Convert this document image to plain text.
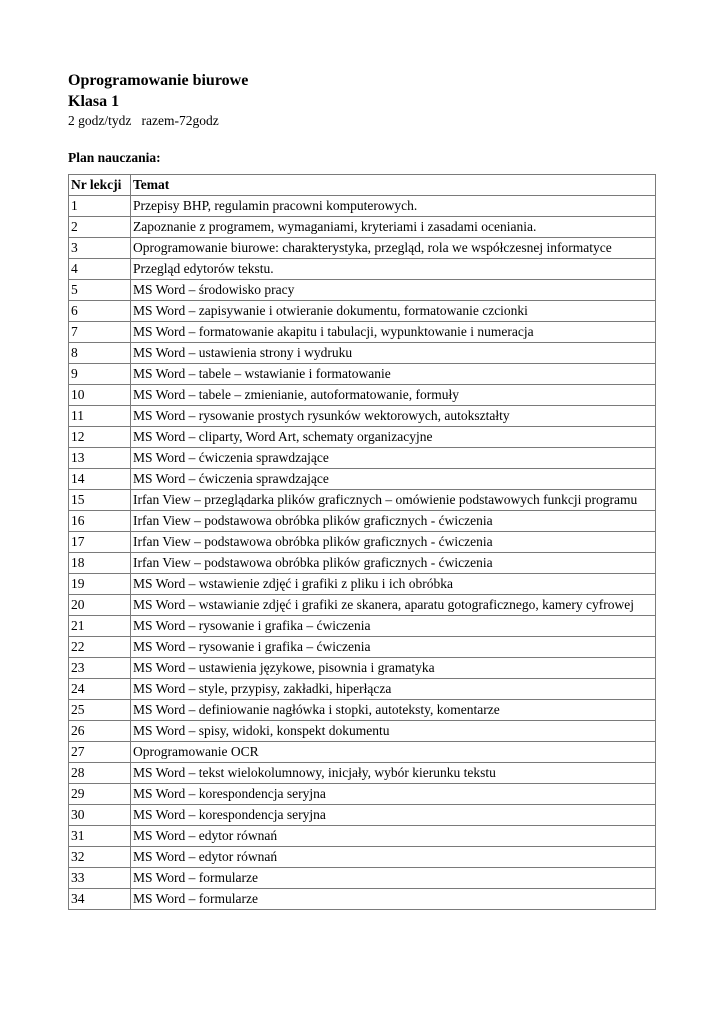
Oprogramowanie biurowe

Klasa 1

2 godz/tydz   razem-72godz

Plan nauczania:

Nr lekcji	Temat
1	Przepisy BHP, regulamin pracowni komputerowych.
2	Zapoznanie z programem, wymaganiami, kryteriami i zasadami oceniania.
3	Oprogramowanie biurowe: charakterystyka, przegląd, rola we współczesnej informatyce
4	Przegląd edytorów tekstu.
5	MS Word – środowisko pracy
6	MS Word – zapisywanie i otwieranie dokumentu, formatowanie czcionki
7	MS Word – formatowanie akapitu i tabulacji, wypunktowanie i numeracja
8	MS Word – ustawienia strony i wydruku
9	MS Word – tabele – wstawianie i formatowanie
10	MS Word – tabele – zmienianie, autoformatowanie, formuły
11	MS Word – rysowanie prostych rysunków wektorowych, autokształty
12	MS Word – cliparty, Word Art, schematy organizacyjne
13	MS Word – ćwiczenia sprawdzające
14	MS Word – ćwiczenia sprawdzające
15	Irfan View – przeglądarka plików graficznych – omówienie podstawowych funkcji programu
16	Irfan View – podstawowa obróbka plików graficznych - ćwiczenia
17	Irfan View – podstawowa obróbka plików graficznych - ćwiczenia
18	Irfan View – podstawowa obróbka plików graficznych - ćwiczenia
19	MS Word – wstawienie zdjęć i grafiki z pliku i ich obróbka
20	MS Word – wstawianie zdjęć i grafiki ze skanera, aparatu gotograficznego, kamery cyfrowej
21	MS Word – rysowanie i grafika – ćwiczenia
22	MS Word – rysowanie i grafika – ćwiczenia
23	MS Word – ustawienia językowe, pisownia i gramatyka
24	MS Word – style, przypisy, zakładki, hiperłącza
25	MS Word – definiowanie nagłówka i stopki, autoteksty, komentarze
26	MS Word – spisy, widoki, konspekt dokumentu
27	Oprogramowanie OCR
28	MS Word – tekst wielokolumnowy, inicjały, wybór kierunku tekstu
29	MS Word – korespondencja seryjna
30	MS Word – korespondencja seryjna
31	MS Word – edytor równań
32	MS Word – edytor równań
33	MS Word – formularze
34	MS Word – formularze
